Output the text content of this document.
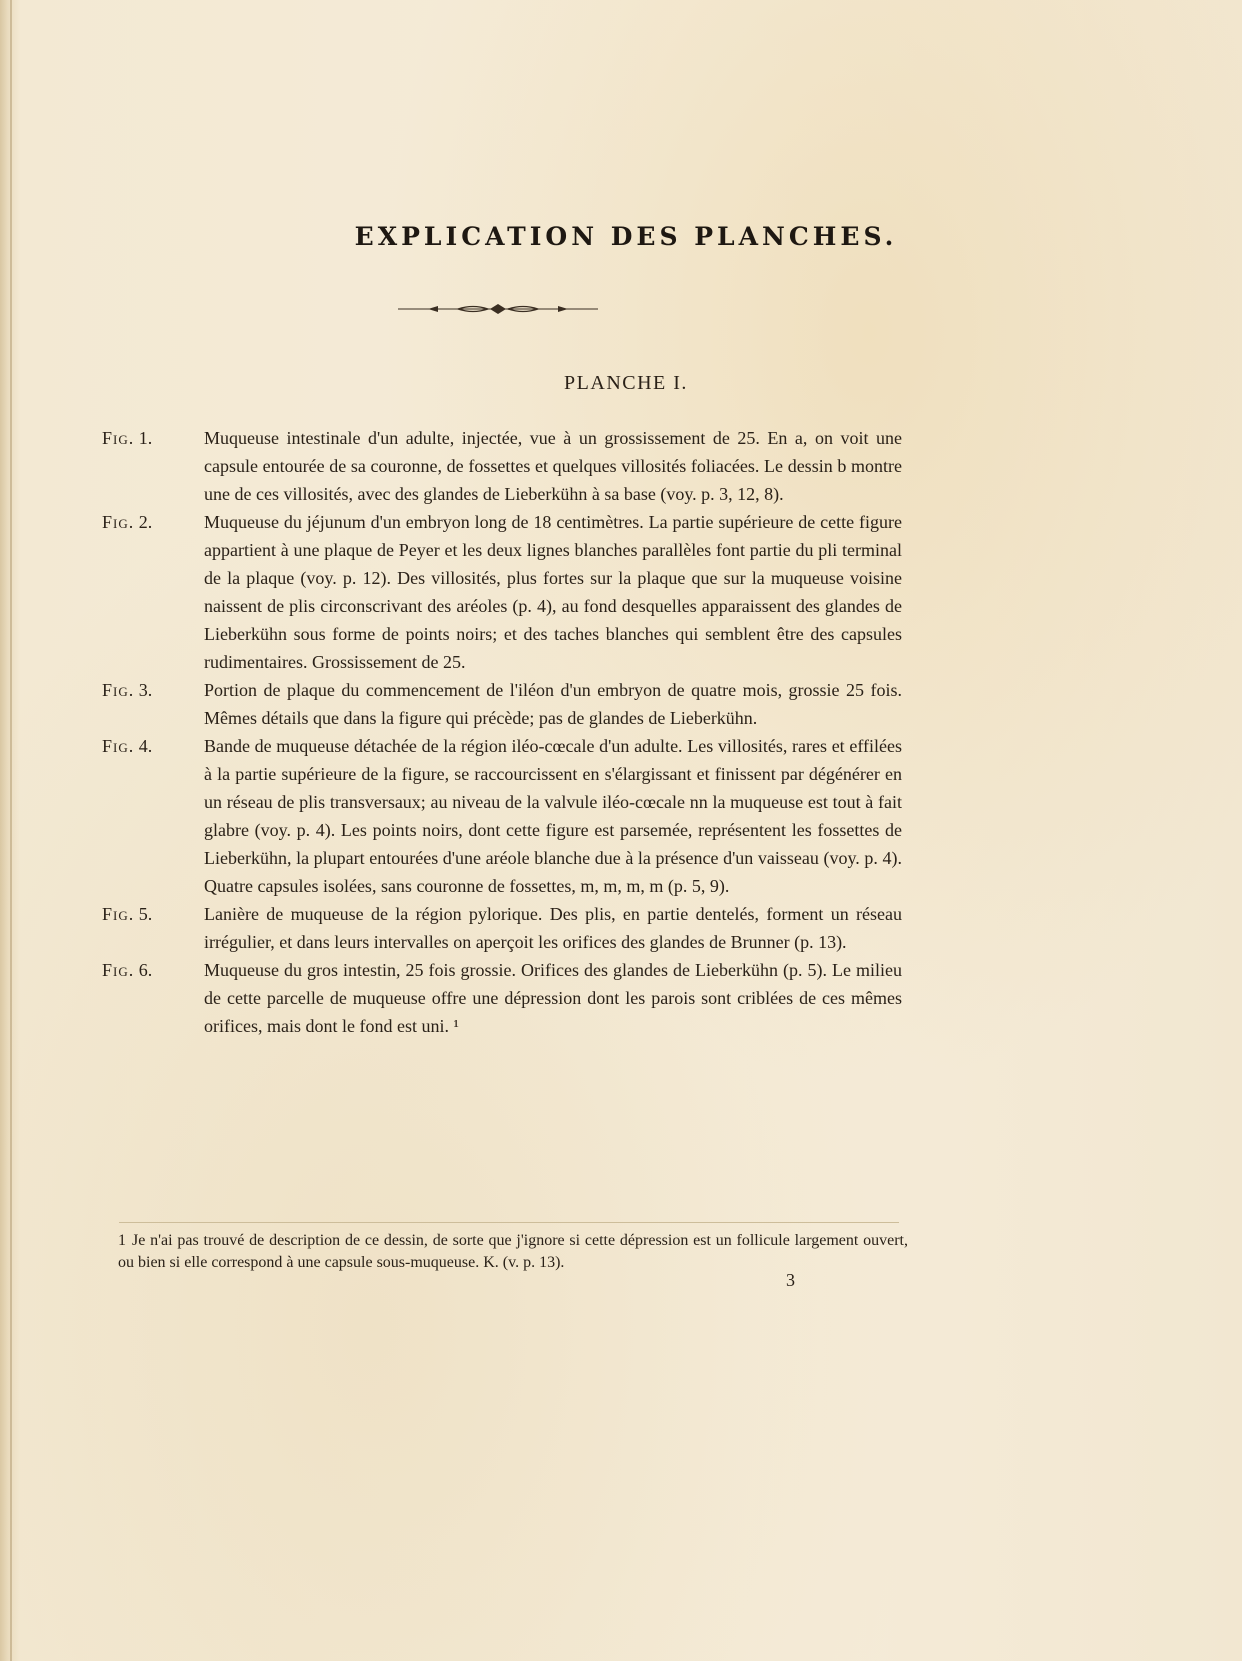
EXPLICATION DES PLANCHES.
PLANCHE I.
Fig. 1.	Muqueuse intestinale d'un adulte, injectée, vue à un grossissement de 25. En a, on voit une capsule entourée de sa couronne, de fossettes et quelques villosités foliacées. Le dessin b montre une de ces villosités, avec des glandes de Lieberkühn à sa base (voy. p. 3, 12, 8).
Fig. 2.	Muqueuse du jéjunum d'un embryon long de 18 centimètres. La partie supérieure de cette figure appartient à une plaque de Peyer et les deux lignes blanches parallèles font partie du pli terminal de la plaque (voy. p. 12). Des villosités, plus fortes sur la plaque que sur la muqueuse voisine naissent de plis circonscrivant des aréoles (p. 4), au fond desquelles apparaissent des glandes de Lieberkühn sous forme de points noirs; et des taches blanches qui semblent être des capsules rudimentaires. Grossissement de 25.
Fig. 3.	Portion de plaque du commencement de l'iléon d'un embryon de quatre mois, grossie 25 fois. Mêmes détails que dans la figure qui précède; pas de glandes de Lieberkühn.
Fig. 4.	Bande de muqueuse détachée de la région iléo-cœcale d'un adulte. Les villosités, rares et effilées à la partie supérieure de la figure, se raccourcissent en s'élargissant et finissent par dégénérer en un réseau de plis transversaux; au niveau de la valvule iléo-cœcale nn la muqueuse est tout à fait glabre (voy. p. 4). Les points noirs, dont cette figure est parsemée, représentent les fossettes de Lieberkühn, la plupart entourées d'une aréole blanche due à la présence d'un vaisseau (voy. p. 4). Quatre capsules isolées, sans couronne de fossettes, m, m, m, m (p. 5, 9).
Fig. 5.	Lanière de muqueuse de la région pylorique. Des plis, en partie dentelés, forment un réseau irrégulier, et dans leurs intervalles on aperçoit les orifices des glandes de Brunner (p. 13).
Fig. 6.	Muqueuse du gros intestin, 25 fois grossie. Orifices des glandes de Lieberkühn (p. 5). Le milieu de cette parcelle de muqueuse offre une dépression dont les parois sont criblées de ces mêmes orifices, mais dont le fond est uni. ¹
1 Je n'ai pas trouvé de description de ce dessin, de sorte que j'ignore si cette dépression est un follicule largement ouvert, ou bien si elle correspond à une capsule sous-muqueuse. K. (v. p. 13).
3
